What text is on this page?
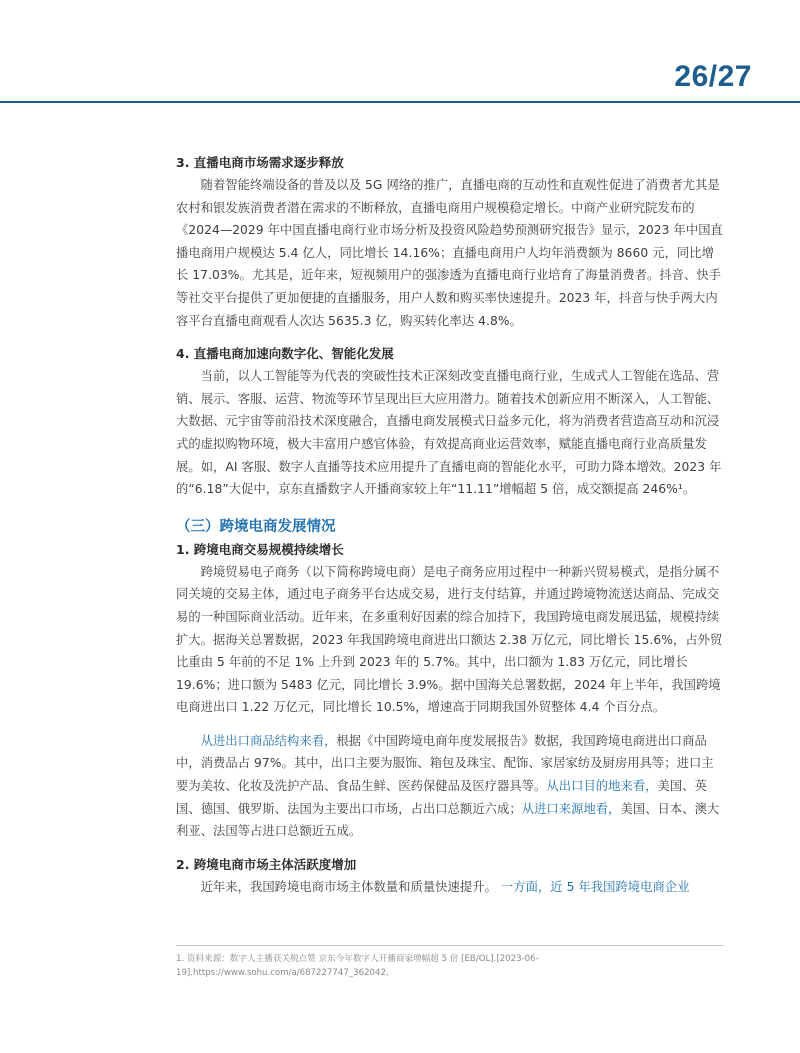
26/27
3. 直播电商市场需求逐步释放

随着智能终端设备的普及以及 5G 网络的推广，直播电商的互动性和直观性促进了消费者尤其是农村和银发族消费者潜在需求的不断释放，直播电商用户规模稳定增长。中商产业研究院发布的《2024—2029 年中国直播电商行业市场分析及投资风险趋势预测研究报告》显示，2023 年中国直播电商用户规模达 5.4 亿人，同比增长 14.16%；直播电商用户人均年消费额为 8660 元，同比增长 17.03%。尤其是，近年来，短视频用户的强渗透为直播电商行业培育了海量消费者。抖音、快手等社交平台提供了更加便捷的直播服务，用户人数和购买率快速提升。2023 年，抖音与快手两大内容平台直播电商观看人次达 5635.3 亿，购买转化率达 4.8%。

4. 直播电商加速向数字化、智能化发展

当前，以人工智能等为代表的突破性技术正深刻改变直播电商行业，生成式人工智能在选品、营销、展示、客服、运营、物流等环节呈现出巨大应用潜力。随着技术创新应用不断深入，人工智能、大数据、元宇宙等前沿技术深度融合，直播电商发展模式日益多元化，将为消费者营造高互动和沉浸式的虚拟购物环境，极大丰富用户感官体验，有效提高商业运营效率，赋能直播电商行业高质量发展。如，AI 客服、数字人直播等技术应用提升了直播电商的智能化水平，可助力降本增效。2023 年的“6.18”大促中，京东直播数字人开播商家较上年“11.11”增幅超 5 倍，成交额提高 246%¹。

（三）跨境电商发展情况
1. 跨境电商交易规模持续增长

跨境贸易电子商务（以下简称跨境电商）是电子商务应用过程中一种新兴贸易模式，是指分属不同关境的交易主体，通过电子商务平台达成交易，进行支付结算，并通过跨境物流送达商品、完成交易的一种国际商业活动。近年来，在多重利好因素的综合加持下，我国跨境电商发展迅猛，规模持续扩大。据海关总署数据，2023 年我国跨境电商进出口额达 2.38 万亿元，同比增长 15.6%，占外贸比重由 5 年前的不足 1% 上升到 2023 年的 5.7%。其中，出口额为 1.83 万亿元，同比增长 19.6%；进口额为 5483 亿元，同比增长 3.9%。据中国海关总署数据，2024 年上半年，我国跨境电商进出口 1.22 万亿元，同比增长 10.5%，增速高于同期我国外贸整体 4.4 个百分点。

从进出口商品结构来看，根据《中国跨境电商年度发展报告》数据，我国跨境电商进出口商品中，消费品占 97%。其中，出口主要为服饰、箱包及珠宝、配饰、家居家纺及厨房用具等；进口主要为美妆、化妆及洗护产品、食品生鲜、医药保健品及医疗器具等。从出口目的地来看，美国、英国、德国、俄罗斯、法国为主要出口市场，占出口总额近六成；从进口来源地看，美国、日本、澳大利亚、法国等占进口总额近五成。

2. 跨境电商市场主体活跃度增加

近年来，我国跨境电商市场主体数量和质量快速提升。 一方面，近 5 年我国跨境电商企业

1. 资料来源：数字人主播获关税点赞 京东今年数字人开播商家增幅超 5 倍 [EB/OL].[2023-06-19].https://www.sohu.com/a/687227747_362042。
